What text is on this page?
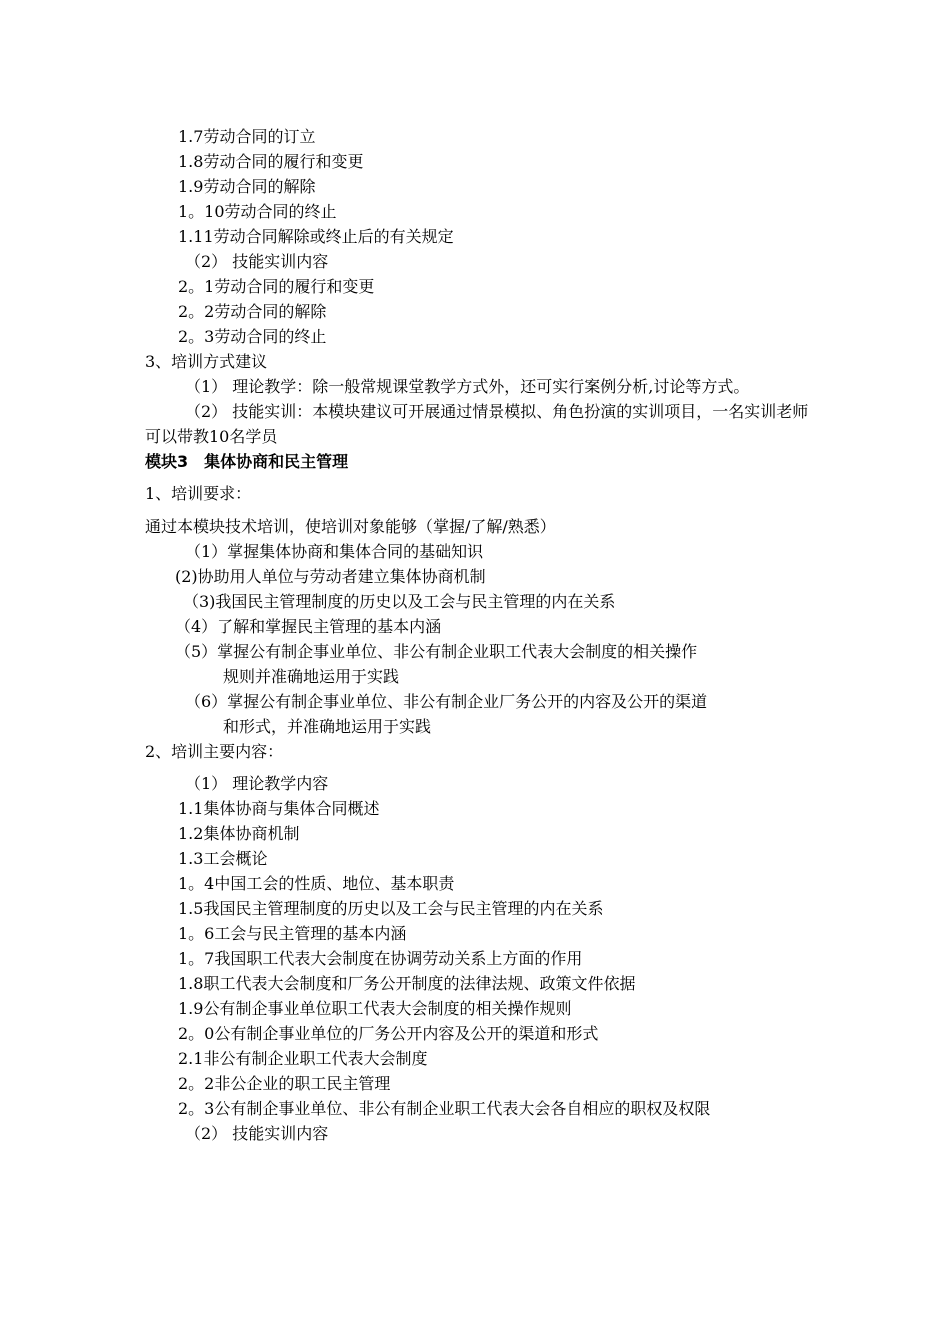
1.7劳动合同的订立
1.8劳动合同的履行和变更
1.9劳动合同的解除
1。10劳动合同的终止
1.11劳动合同解除或终止后的有关规定
（2） 技能实训内容
2。1劳动合同的履行和变更
2。2劳动合同的解除
2。3劳动合同的终止
3、培训方式建议
（1） 理论教学：除一般常规课堂教学方式外，还可实行案例分析,讨论等方式。
（2） 技能实训：本模块建议可开展通过情景模拟、角色扮演的实训项目，一名实训老师可以带教10名学员
模块3　集体协商和民主管理
1、培训要求：
通过本模块技术培训，使培训对象能够（掌握/了解/熟悉）
（1）掌握集体协商和集体合同的基础知识
(2)协助用人单位与劳动者建立集体协商机制
（3)我国民主管理制度的历史以及工会与民主管理的内在关系
（4）了解和掌握民主管理的基本内涵
（5）掌握公有制企事业单位、非公有制企业职工代表大会制度的相关操作
规则并准确地运用于实践
（6）掌握公有制企事业单位、非公有制企业厂务公开的内容及公开的渠道
和形式，并准确地运用于实践
2、培训主要内容：
（1） 理论教学内容
1.1集体协商与集体合同概述
1.2集体协商机制
1.3工会概论
1。4中国工会的性质、地位、基本职责
1.5我国民主管理制度的历史以及工会与民主管理的内在关系
1。6工会与民主管理的基本内涵
1。7我国职工代表大会制度在协调劳动关系上方面的作用
1.8职工代表大会制度和厂务公开制度的法律法规、政策文件依据
1.9公有制企事业单位职工代表大会制度的相关操作规则
2。0公有制企事业单位的厂务公开内容及公开的渠道和形式
2.1非公有制企业职工代表大会制度
2。2非公企业的职工民主管理
2。3公有制企事业单位、非公有制企业职工代表大会各自相应的职权及权限
（2） 技能实训内容
